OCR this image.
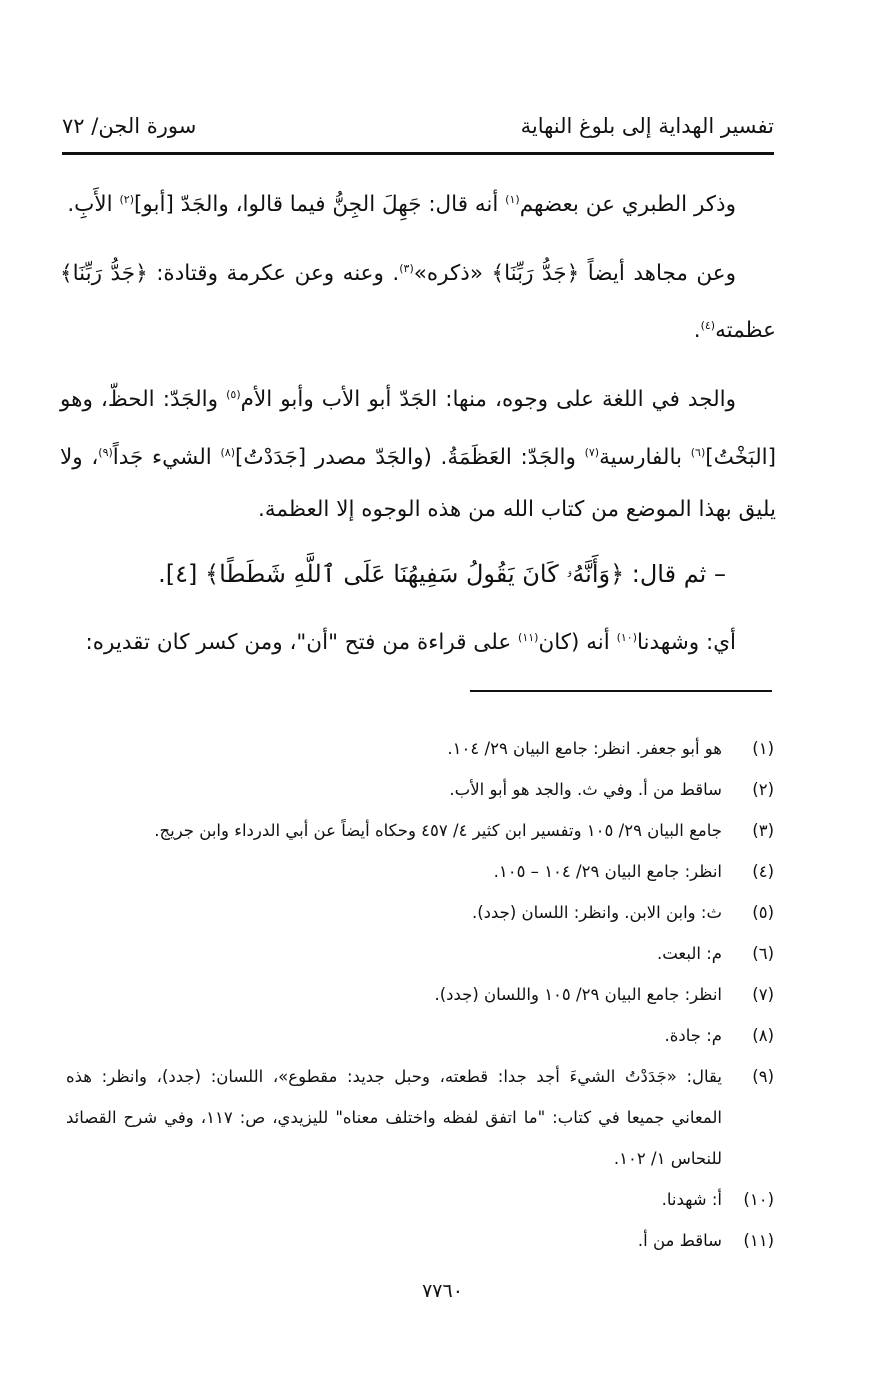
تفسير الهداية إلى بلوغ النهاية
سورة الجن/ ٧٢

وذكر الطبري عن بعضهم$^{(١)}$ أنه قال: جَهِلَ الجِنُّ فيما قالوا، والجَدّ [أبو]$^{(٢)}$ الأَبِ.

وعن مجاهد أيضاً ﴿جَدُّ رَبِّنَا﴾ «ذكره»$^{(٣)}$. وعنه وعن عكرمة وقتادة: ﴿جَدُّ رَبِّنَا﴾ عظمته$^{(٤)}$.

والجد في اللغة على وجوه، منها: الجَدّ أبو الأب وأبو الأم$^{(٥)}$ والجَدّ: الحظّ، وهو [البَخْتُ]$^{(٦)}$ بالفارسية$^{(٧)}$ والجَدّ: العَظَمَةُ. (والجَدّ مصدر [جَدَدْتُ]$^{(٨)}$ الشيء جَداً$^{(٩)}$، ولا يليق بهذا الموضع من كتاب الله من هذه الوجوه إلا العظمة.

– ثم قال: ﴿وَأَنَّهُۥ كَانَ يَقُولُ سَفِيهُنَا عَلَى ٱللَّهِ شَطَطًا﴾ [٤].

أي: وشهدنا$^{(١٠)}$ أنه (كان$^{(١١)}$ على قراءة من فتح "أن"، ومن كسر كان تقديره:

(١)
هو أبو جعفر. انظر: جامع البيان ٢٩/ ١٠٤.
(٢)
ساقط من أ. وفي ث. والجد هو أبو الأب.
(٣)
جامع البيان ٢٩/ ١٠٥ وتفسير ابن كثير ٤/ ٤٥٧ وحكاه أيضاً عن أبي الدرداء وابن جريج.
(٤)
انظر: جامع البيان ٢٩/ ١٠٤ – ١٠٥.
(٥)
ث: وابن الابن. وانظر: اللسان (جدد).
(٦)
م: البعت.
(٧)
انظر: جامع البيان ٢٩/ ١٠٥ واللسان (جدد).
(٨)
م: جادة.
(٩)
يقال: «جَدَدْتُ الشيءَ أجد جدا: قطعته، وحبل جديد: مقطوع»، اللسان: (جدد)، وانظر: هذه المعاني جميعا في كتاب: "ما اتفق لفظه واختلف معناه" لليزيدي، ص: ١١٧، وفي شرح القصائد للنحاس ١/ ١٠٢.
(١٠)
أ: شهدنا.
(١١)
ساقط من أ.
٧٧٦٠
